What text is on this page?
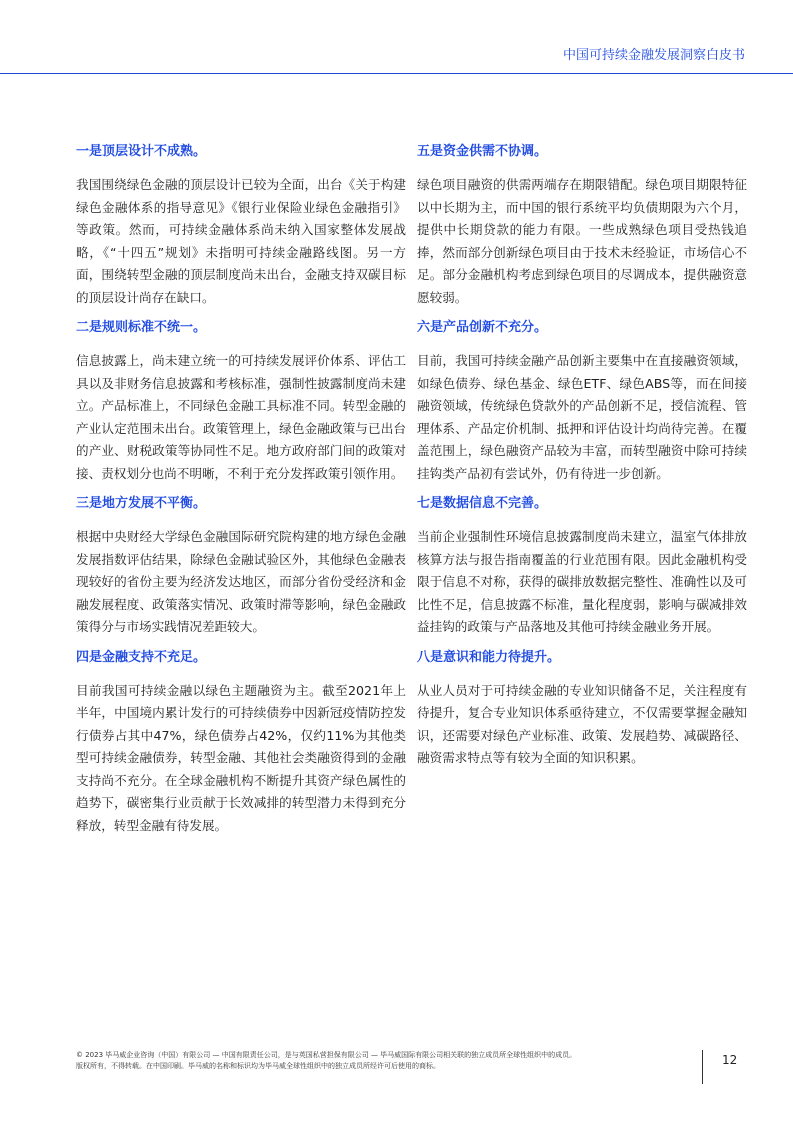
中国可持续金融发展洞察白皮书
一是顶层设计不成熟。

我国围绕绿色金融的顶层设计已较为全面，出台《关于构建绿色金融体系的指导意见》《银行业保险业绿色金融指引》等政策。然而，可持续金融体系尚未纳入国家整体发展战略，《“十四五”规划》未指明可持续金融路线图。另一方面，围绕转型金融的顶层制度尚未出台，金融支持双碳目标的顶层设计尚存在缺口。

二是规则标准不统一。

信息披露上，尚未建立统一的可持续发展评价体系、评估工具以及非财务信息披露和考核标准，强制性披露制度尚未建立。产品标准上，不同绿色金融工具标准不同。转型金融的产业认定范围未出台。政策管理上，绿色金融政策与已出台的产业、财税政策等协同性不足。地方政府部门间的政策对接、责权划分也尚不明晰，不利于充分发挥政策引领作用。

三是地方发展不平衡。

根据中央财经大学绿色金融国际研究院构建的地方绿色金融发展指数评估结果，除绿色金融试验区外，其他绿色金融表现较好的省份主要为经济发达地区，而部分省份受经济和金融发展程度、政策落实情况、政策时滞等影响，绿色金融政策得分与市场实践情况差距较大。

四是金融支持不充足。

目前我国可持续金融以绿色主题融资为主。截至2021年上半年，中国境内累计发行的可持续债券中因新冠疫情防控发行债券占其中47%，绿色债券占42%，仅约11%为其他类型可持续金融债券，转型金融、其他社会类融资得到的金融支持尚不充分。在全球金融机构不断提升其资产绿色属性的趋势下，碳密集行业贡献于长效减排的转型潜力未得到充分释放，转型金融有待发展。

五是资金供需不协调。

绿色项目融资的供需两端存在期限错配。绿色项目期限特征以中长期为主，而中国的银行系统平均负债期限为六个月，提供中长期贷款的能力有限。一些成熟绿色项目受热钱追捧，然而部分创新绿色项目由于技术未经验证，市场信心不足。部分金融机构考虑到绿色项目的尽调成本，提供融资意愿较弱。

六是产品创新不充分。

目前，我国可持续金融产品创新主要集中在直接融资领域，如绿色债券、绿色基金、绿色ETF、绿色ABS等，而在间接融资领域，传统绿色贷款外的产品创新不足，授信流程、管理体系、产品定价机制、抵押和评估设计均尚待完善。在覆盖范围上，绿色融资产品较为丰富，而转型融资中除可持续挂钩类产品初有尝试外，仍有待进一步创新。

七是数据信息不完善。

当前企业强制性环境信息披露制度尚未建立，温室气体排放核算方法与报告指南覆盖的行业范围有限。因此金融机构受限于信息不对称，获得的碳排放数据完整性、准确性以及可比性不足，信息披露不标准，量化程度弱，影响与碳减排效益挂钩的政策与产品落地及其他可持续金融业务开展。

八是意识和能力待提升。

从业人员对于可持续金融的专业知识储备不足，关注程度有待提升，复合专业知识体系亟待建立，不仅需要掌握金融知识，还需要对绿色产业标准、政策、发展趋势、减碳路径、融资需求特点等有较为全面的知识积累。

© 2023 毕马威企业咨询（中国）有限公司 — 中国有限责任公司，是与英国私营担保有限公司 — 毕马威国际有限公司相关联的独立成员所全球性组织中的成员。
版权所有，不得转载。在中国印刷。毕马威的名称和标识均为毕马威全球性组织中的独立成员所经许可后使用的商标。	12
